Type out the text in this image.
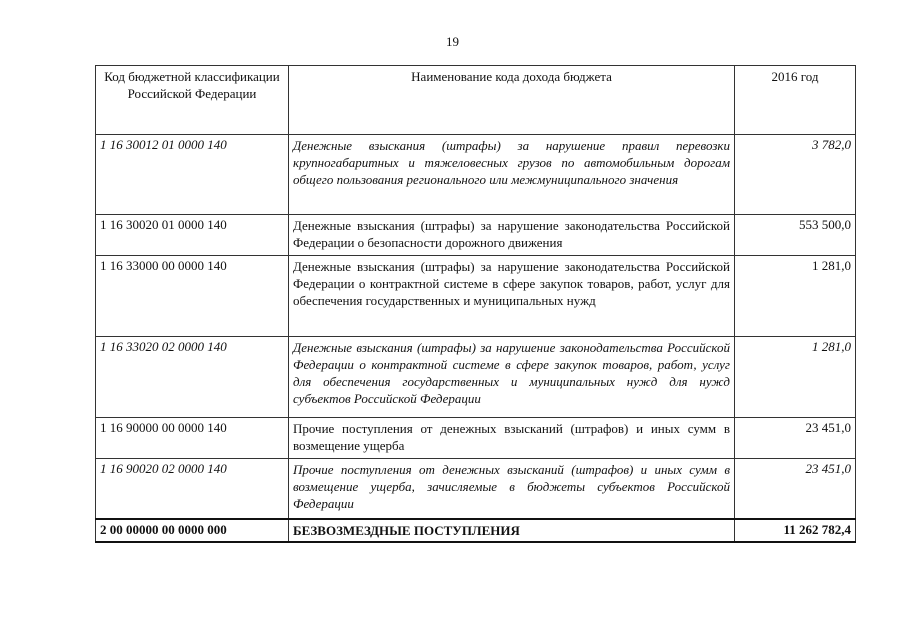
19
Код бюджетной классификации Российской Федерации	Наименование кода дохода бюджета	2016 год
1 16 30012 01 0000 140	Денежные взыскания (штрафы) за нарушение правил перевозки крупногабаритных и тяжеловесных грузов по автомобильным дорогам общего пользования регионального или межмуниципального значения	3 782,0
1 16 30020 01 0000 140	Денежные взыскания (штрафы) за нарушение законодательства Российской Федерации о безопасности дорожного движения	553 500,0
1 16 33000 00 0000 140	Денежные взыскания (штрафы) за нарушение законодательства Российской Федерации о контрактной системе в сфере закупок товаров, работ, услуг для обеспечения государственных и муниципальных нужд	1 281,0
1 16 33020 02 0000 140	Денежные взыскания (штрафы) за нарушение законодательства Российской Федерации о контрактной системе в сфере закупок товаров, работ, услуг для обеспечения государственных и муниципальных нужд для нужд субъектов Российской Федерации	1 281,0
1 16 90000 00 0000 140	Прочие поступления от денежных взысканий (штрафов) и иных сумм в возмещение ущерба	23 451,0
1 16 90020 02 0000 140	Прочие поступления от денежных взысканий (штрафов) и иных сумм в возмещение ущерба, зачисляемые в бюджеты субъектов Российской Федерации	23 451,0
2 00 00000 00 0000 000	БЕЗВОЗМЕЗДНЫЕ ПОСТУПЛЕНИЯ	11 262 782,4
